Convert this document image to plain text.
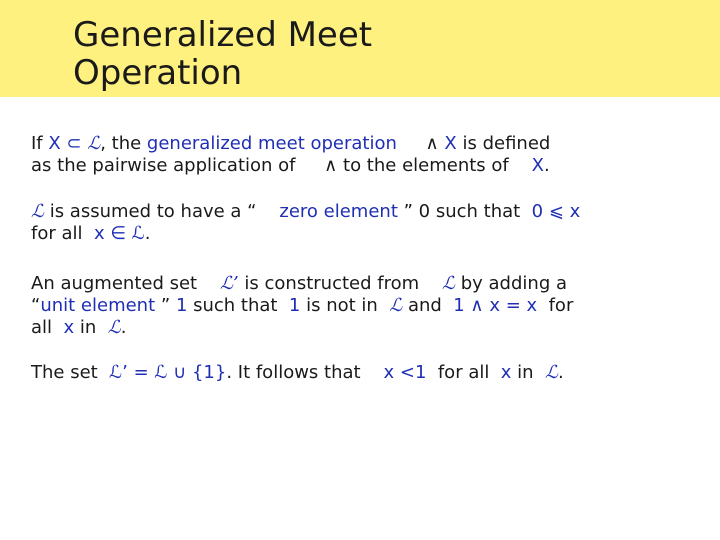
Generalized Meet
Operation

If X ⊂ ℒ, the generalized meet operation     ∧ X is defined
as the pairwise application of     ∧ to the elements of    X.

ℒ is assumed to have a “    zero element ” 0 such that  0 ⩽ x
for all  x ∈ ℒ.

An augmented set    ℒ’ is constructed from    ℒ by adding a
“unit element ” 1 such that  1 is not in  ℒ and  1 ∧ x = x  for
all  x in  ℒ.

The set  ℒ’ = ℒ ∪ {1}. It follows that    x <1  for all  x in  ℒ.
